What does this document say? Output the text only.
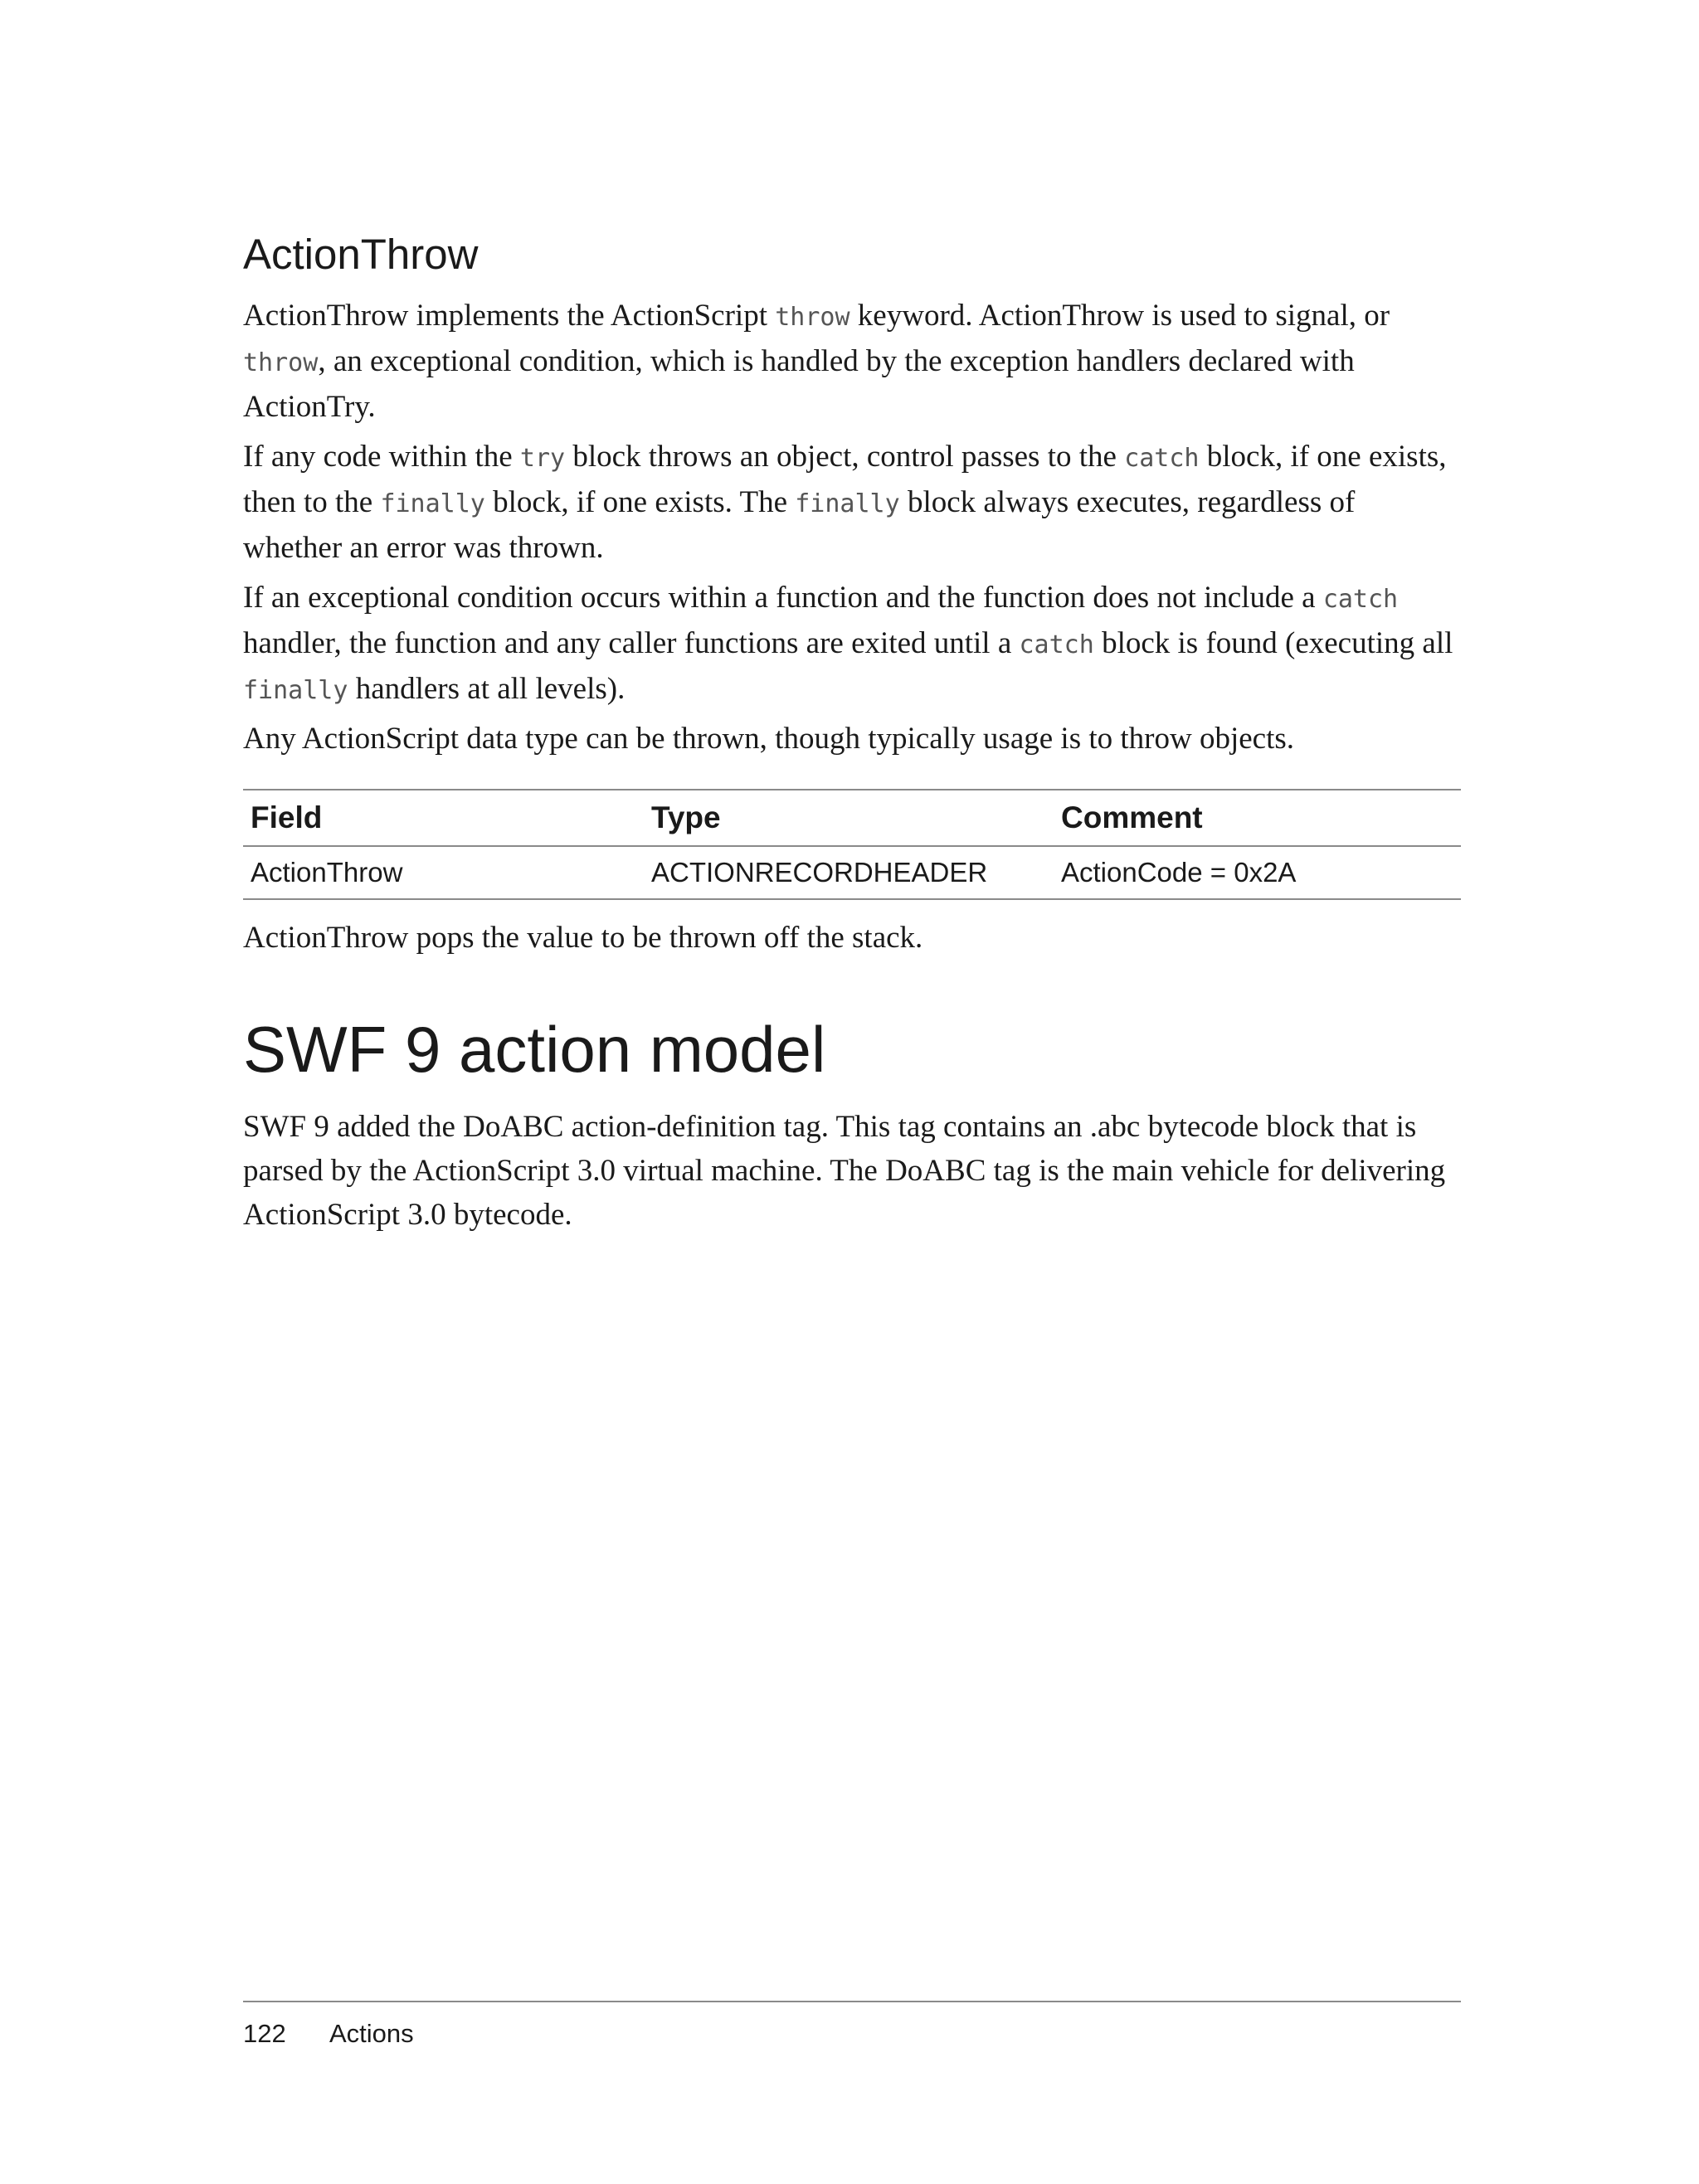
ActionThrow

ActionThrow implements the ActionScript throw keyword. ActionThrow is used to signal, or throw, an exceptional condition, which is handled by the exception handlers declared with ActionTry.

If any code within the try block throws an object, control passes to the catch block, if one exists, then to the finally block, if one exists. The finally block always executes, regardless of whether an error was thrown.

If an exceptional condition occurs within a function and the function does not include a catch handler, the function and any caller functions are exited until a catch block is found (executing all finally handlers at all levels).

Any ActionScript data type can be thrown, though typically usage is to throw objects.

Field	Type	Comment
ActionThrow	ACTIONRECORDHEADER	ActionCode = 0x2A

ActionThrow pops the value to be thrown off the stack.

SWF 9 action model

SWF 9 added the DoABC action-definition tag. This tag contains an .abc bytecode block that is parsed by the ActionScript 3.0 virtual machine. The DoABC tag is the main vehicle for delivering ActionScript 3.0 bytecode.

122 Actions
